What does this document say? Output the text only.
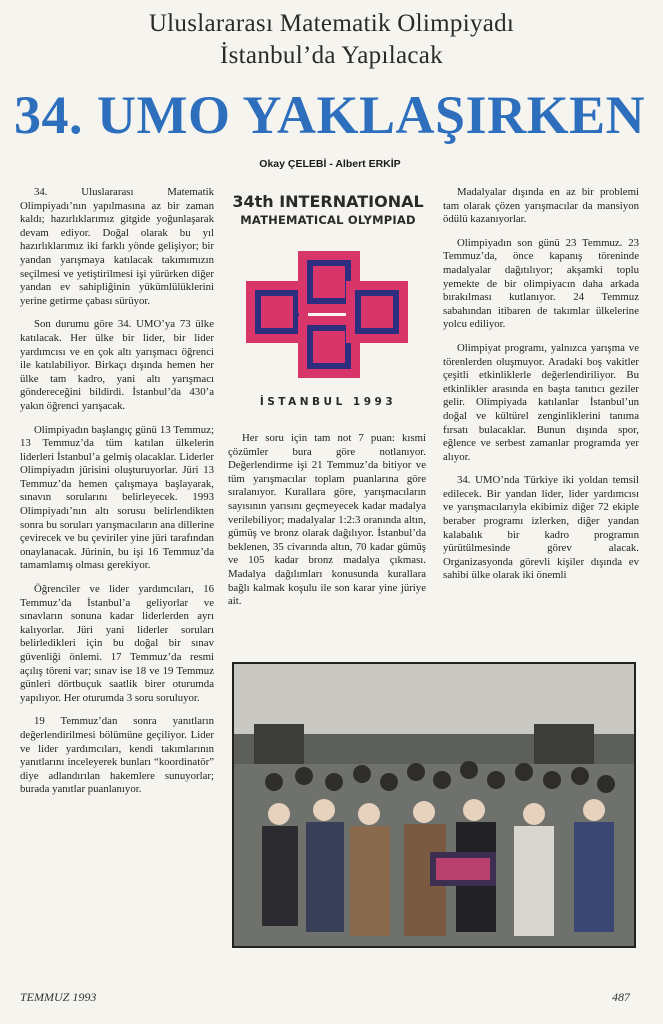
Uluslararası Matematik Olimpiyadı
İstanbul’da Yapılacak
34. UMO YAKLAŞIRKEN
Okay ÇELEBİ - Albert ERKİP

34. Uluslararası Matematik Olimpiyadı’nın yapılmasına az bir zaman kaldı; hazırlıklarımız gitgide yoğunlaşarak devam ediyor. Doğal olarak bu yıl hazırlıklarımız iki farklı yönde gelişiyor; bir yandan yarışmaya katılacak takımımızın seçilmesi ve yetiştirilmesi işi yürürken diğer yandan ev sahipliğinin yükümlülüklerini yerine getirme çabası sürüyor.

Son durumu göre 34. UMO’ya 73 ülke katılacak. Her ülke bir lider, bir lider yardımcısı ve en çok altı yarışmacı öğrenci ile katılabiliyor. Birkaçı dışında hemen her ülke tam kadro, yani altı yarışmacı göndereceğini bildirdi. İstanbul’da 430’a yakın öğrenci yarışacak.

Olimpiyadın başlangıç günü 13 Temmuz; 13 Temmuz’da tüm katılan ülkelerin liderleri İstanbul’a gelmiş olacaklar. Liderler Olimpiyadın jürisini oluşturuyorlar. Jüri 13 Temmuz’da hemen çalışmaya başlayarak, sınavın sorularını belirleyecek. 1993 Olimpiyadı’nın altı sorusu belirlendikten sonra bu soruları yarışmacıların ana dillerine çevirecek ve bu çeviriler yine jüri tarafından onaylanacak. Jürinin, bu işi 16 Temmuz’da tamamlamış olması gerekiyor.

Öğrenciler ve lider yardımcıları, 16 Temmuz’da İstanbul’a geliyorlar ve sınavların sonuna kadar liderlerden ayrı kalıyorlar. Jüri yani liderler soruları belirledikleri için bu doğal bir sınav güvenliği önlemi. 17 Temmuz’da resmi açılış töreni var; sınav ise 18 ve 19 Temmuz günleri dörtbuçuk saatlik birer oturumda yapılıyor. Her oturumda 3 soru soruluyor.

19 Temmuz’dan sonra yanıtların değerlendirilmesi bölümüne geçiliyor. Lider ve lider yardımcıları, kendi takımlarının yanıtlarını inceleyerek bunları “koordinatör” diye adlandırılan hakemlere sunuyorlar; burada yanıtlar puanlanıyor.

34th INTERNATIONAL
MATHEMATICAL OLYMPIAD
İSTANBUL 1993

Her soru için tam not 7 puan: kısmi çözümler bura göre notlanıyor. Değerlendirme işi 21 Temmuz’da bitiyor ve tüm yarışmacılar toplam puanlarına göre sıralanıyor. Kurallara göre, yarışmacıların sayısının yarısını geçmeyecek kadar madalya verilebiliyor; madalyalar 1:2:3 oranında altın, gümüş ve bronz olarak dağılıyor. İstanbul’da beklenen, 35 civarında altın, 70 kadar gümüş ve 105 kadar bronz madalya çıkması. Madalya dağılımları konusunda kurallara bağlı kalmak koşulu ile son karar yine jüriye ait.

Madalyalar dışında en az bir problemi tam olarak çözen yarışmacılar da mansiyon ödülü kazanıyorlar.

Olimpiyadın son günü 23 Temmuz. 23 Temmuz’da, önce kapanış töreninde madalyalar dağıtılıyor; akşamki toplu yemekte de bir olimpiyacın daha arkada bırakılması kutlanıyor. 24 Temmuz sabahından itibaren de takımlar ülkelerine yolcu ediliyor.

Olimpiyat programı, yalnızca yarışma ve törenlerden oluşmuyor. Aradaki boş vakitler çeşitli etkinliklerle değerlendiriliyor. Bu etkinlikler arasında en başta tanıtıcı geziler gelir. Olimpiyada katılanlar İstanbul’un doğal ve kültürel zenginliklerini tanıma fırsatı bulacaklar. Bunun dışında spor, eğlence ve serbest zamanlar programda yer alıyor.

34. UMO’nda Türkiye iki yoldan temsil edilecek. Bir yandan lider, lider yardımcısı ve yarışmacılarıyla ekibimiz diğer 72 ekiple beraber programı izlerken, diğer yandan kalabalık bir kadro programın yürütülmesinde görev alacak. Organizasyonda görevli kişiler dışında ev sahibi ülke olarak iki önemli

TEMMUZ 1993	487
